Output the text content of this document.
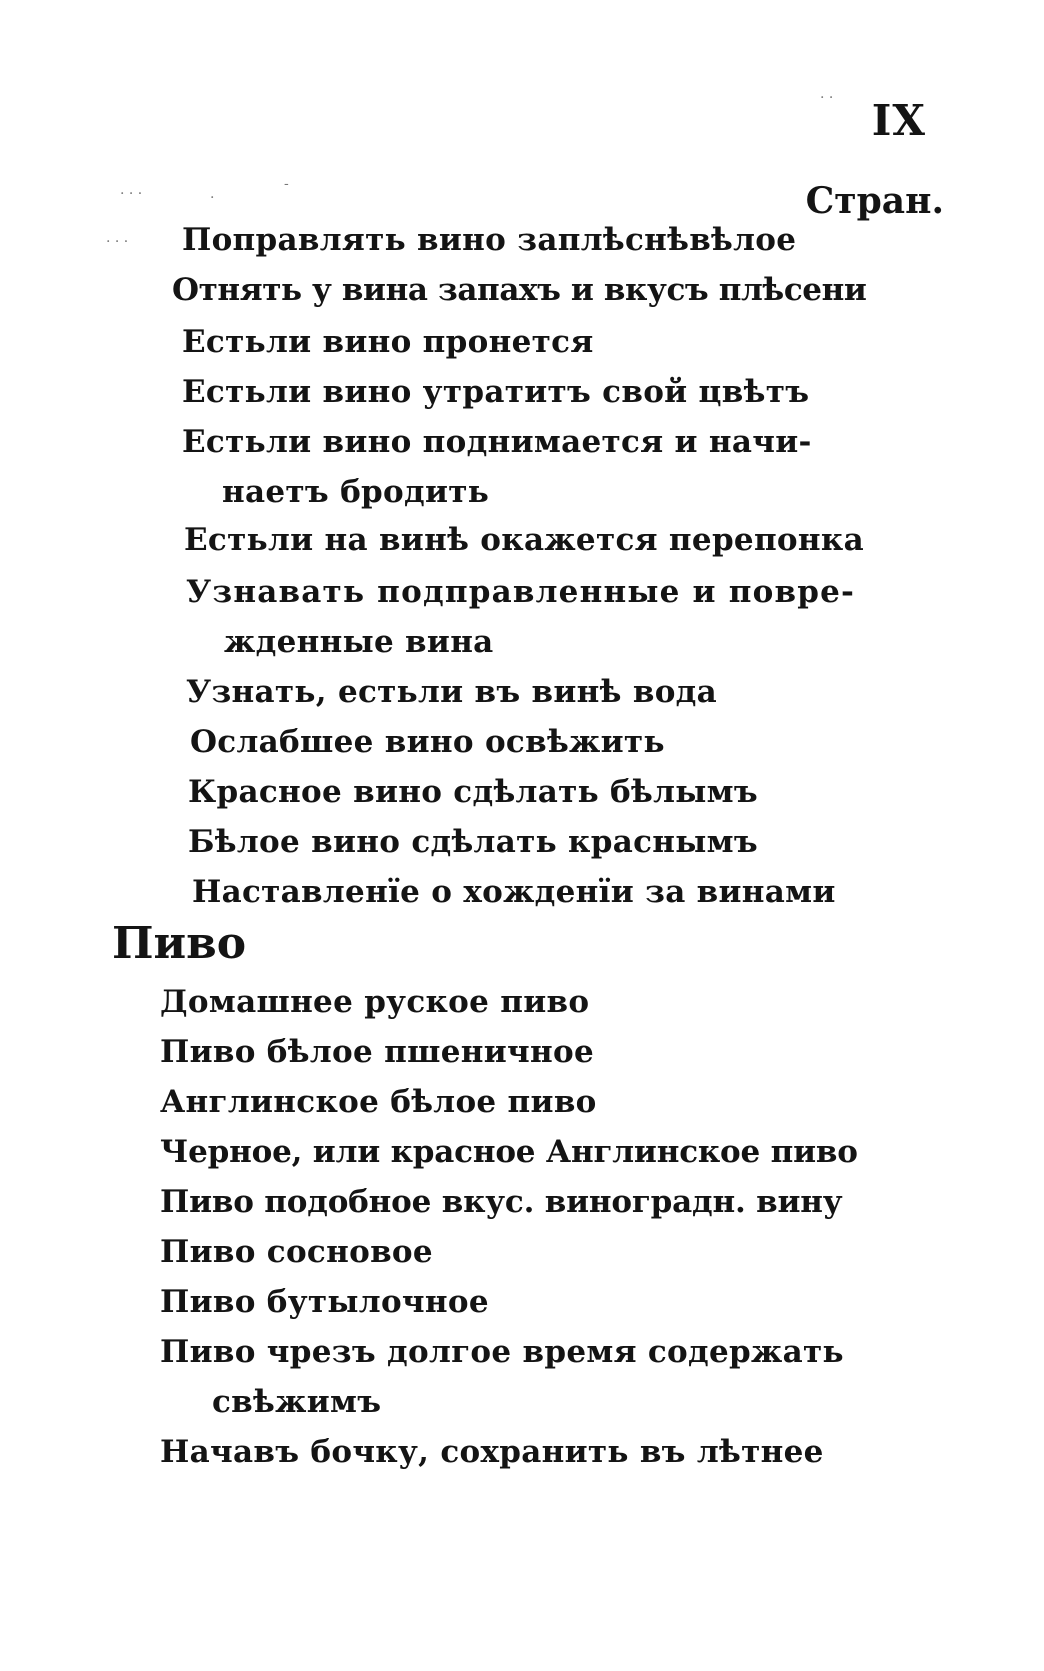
IX
Стран.
· · ·	·
-
· · ·
· ·
Поправлять вино заплѣснѣвѣлое
Отнять у вина запахъ и вкусъ плѣсени
Естьли вино пронется
Естьли вино утратитъ свой цвѣтъ
Естьли вино поднимается и начи-
наетъ бродить
Естьли на винѣ окажется перепонка
Узнавать подправленные и повре-
жденные вина
Узнать, естьли въ винѣ вода
Ослабшее вино освѣжить
Красное вино сдѣлать бѣлымъ
Бѣлое вино сдѣлать краснымъ
Наставленїе о хожденїи за винами
Пиво
Домашнее руское пиво
Пиво бѣлое пшеничное
Англинское бѣлое пиво
Черное, или красное Англинское пиво
Пиво подобное вкус. виноградн. вину
Пиво сосновое
Пиво бутылочное
Пиво чрезъ долгое время содержать
свѣжимъ
Начавъ бочку, сохранить въ лѣтнее
